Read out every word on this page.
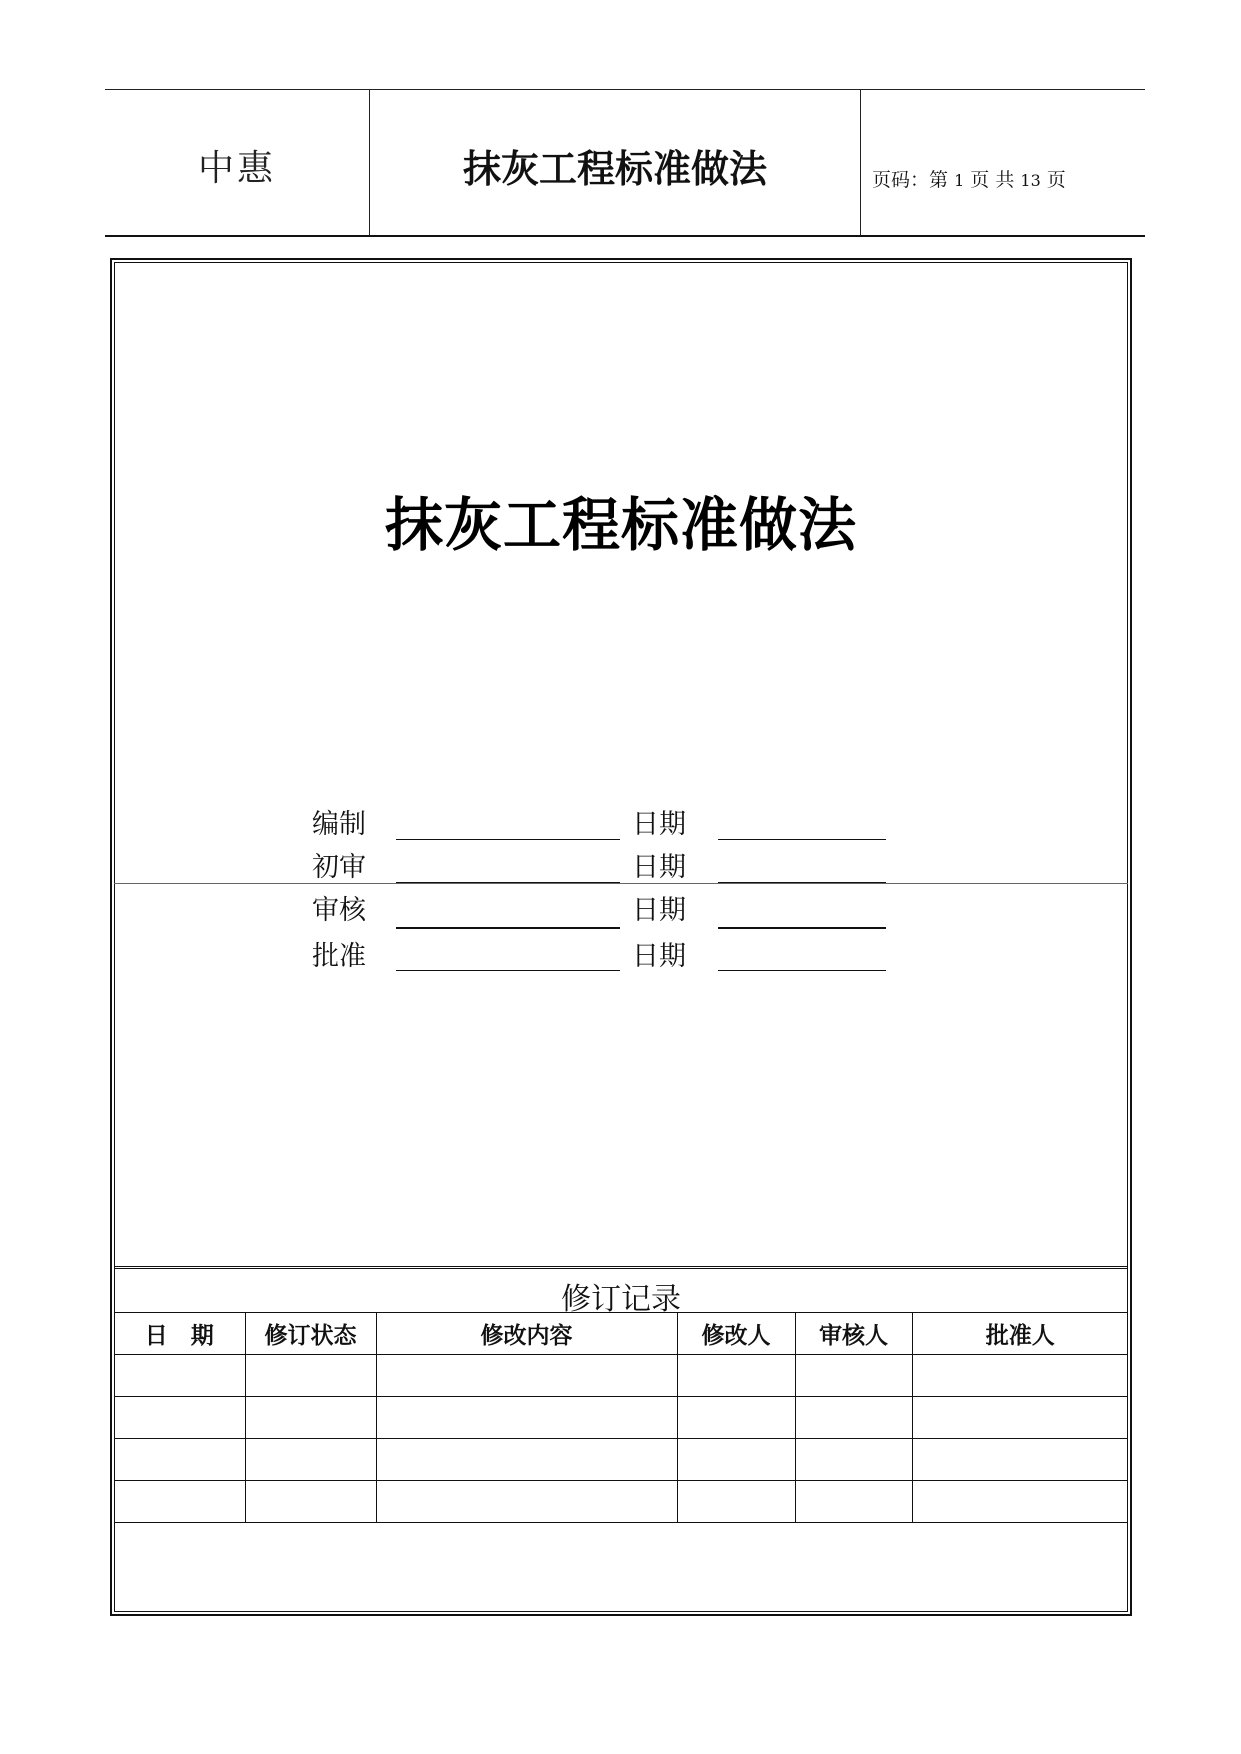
中惠	抹灰工程标准做法	页码：第 1 页 共 13 页
抹灰工程标准做法
编制	日期
初审	日期
审核	日期
批准	日期
修订记录
日　期	修订状态	修改内容	修改人	审核人	批准人
